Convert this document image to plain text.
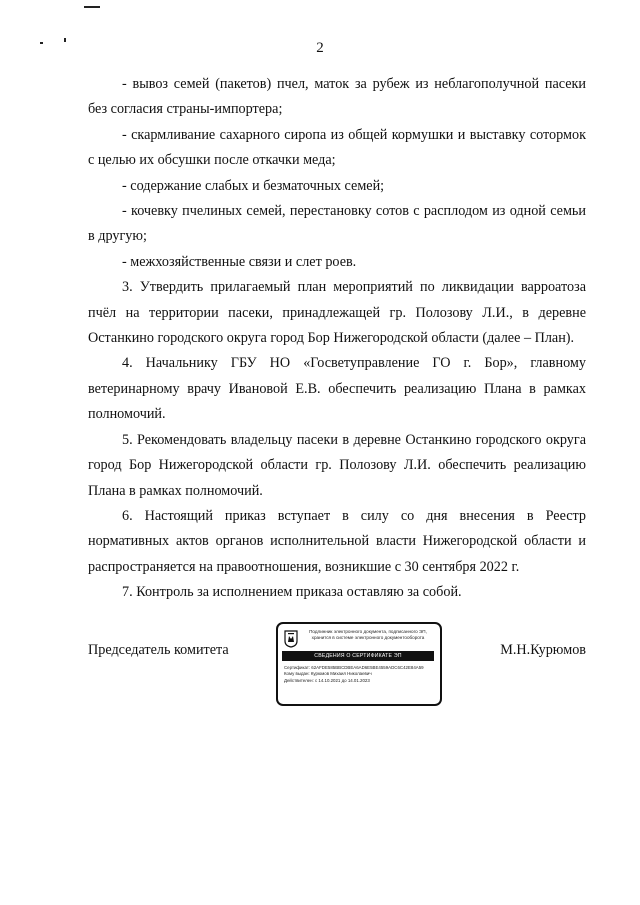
2

- вывоз семей (пакетов) пчел, маток за рубеж из неблагополучной пасеки без согласия страны-импортера;

- скармливание сахарного сиропа из общей кормушки и выставку сотормок с целью их обсушки после откачки меда;

- содержание слабых и безматочных семей;

- кочевку пчелиных семей, перестановку сотов с расплодом из одной семьи в другую;

- межхозяйственные связи и слет роев.

3. Утвердить прилагаемый план мероприятий по ликвидации варроатоза пчёл на территории пасеки, принадлежащей гр. Полозову Л.И., в деревне Останкино городского округа город Бор Нижегородской области (далее – План).

4. Начальнику ГБУ НО «Госветуправление ГО г. Бор», главному ветеринарному врачу Ивановой Е.В. обеспечить реализацию Плана в рамках полномочий.

5. Рекомендовать владельцу пасеки в деревне Останкино городского округа город Бор Нижегородской области гр. Полозову Л.И. обеспечить реализацию Плана в рамках полномочий.

6. Настоящий приказ вступает в силу со дня внесения в Реестр нормативных актов органов исполнительной власти Нижегородской области и распространяется на правоотношения, возникшие с 30 сентября 2022 г.

7. Контроль за исполнением приказа оставляю за собой.

Председатель комитета
Подлинник электронного документа, подписанного ЭП, хранится в системе электронного документооборота
СВЕДЕНИЯ О СЕРТИФИКАТЕ ЭП
Сертификат: 62AFDE585BBCDBEA6AD6E5BE4559ADC6C42E84A59
Кому выдан: Курюмов Михаил Николаевич
Действителен: с 14.10.2021 до 14.01.2023
М.Н.Курюмов
